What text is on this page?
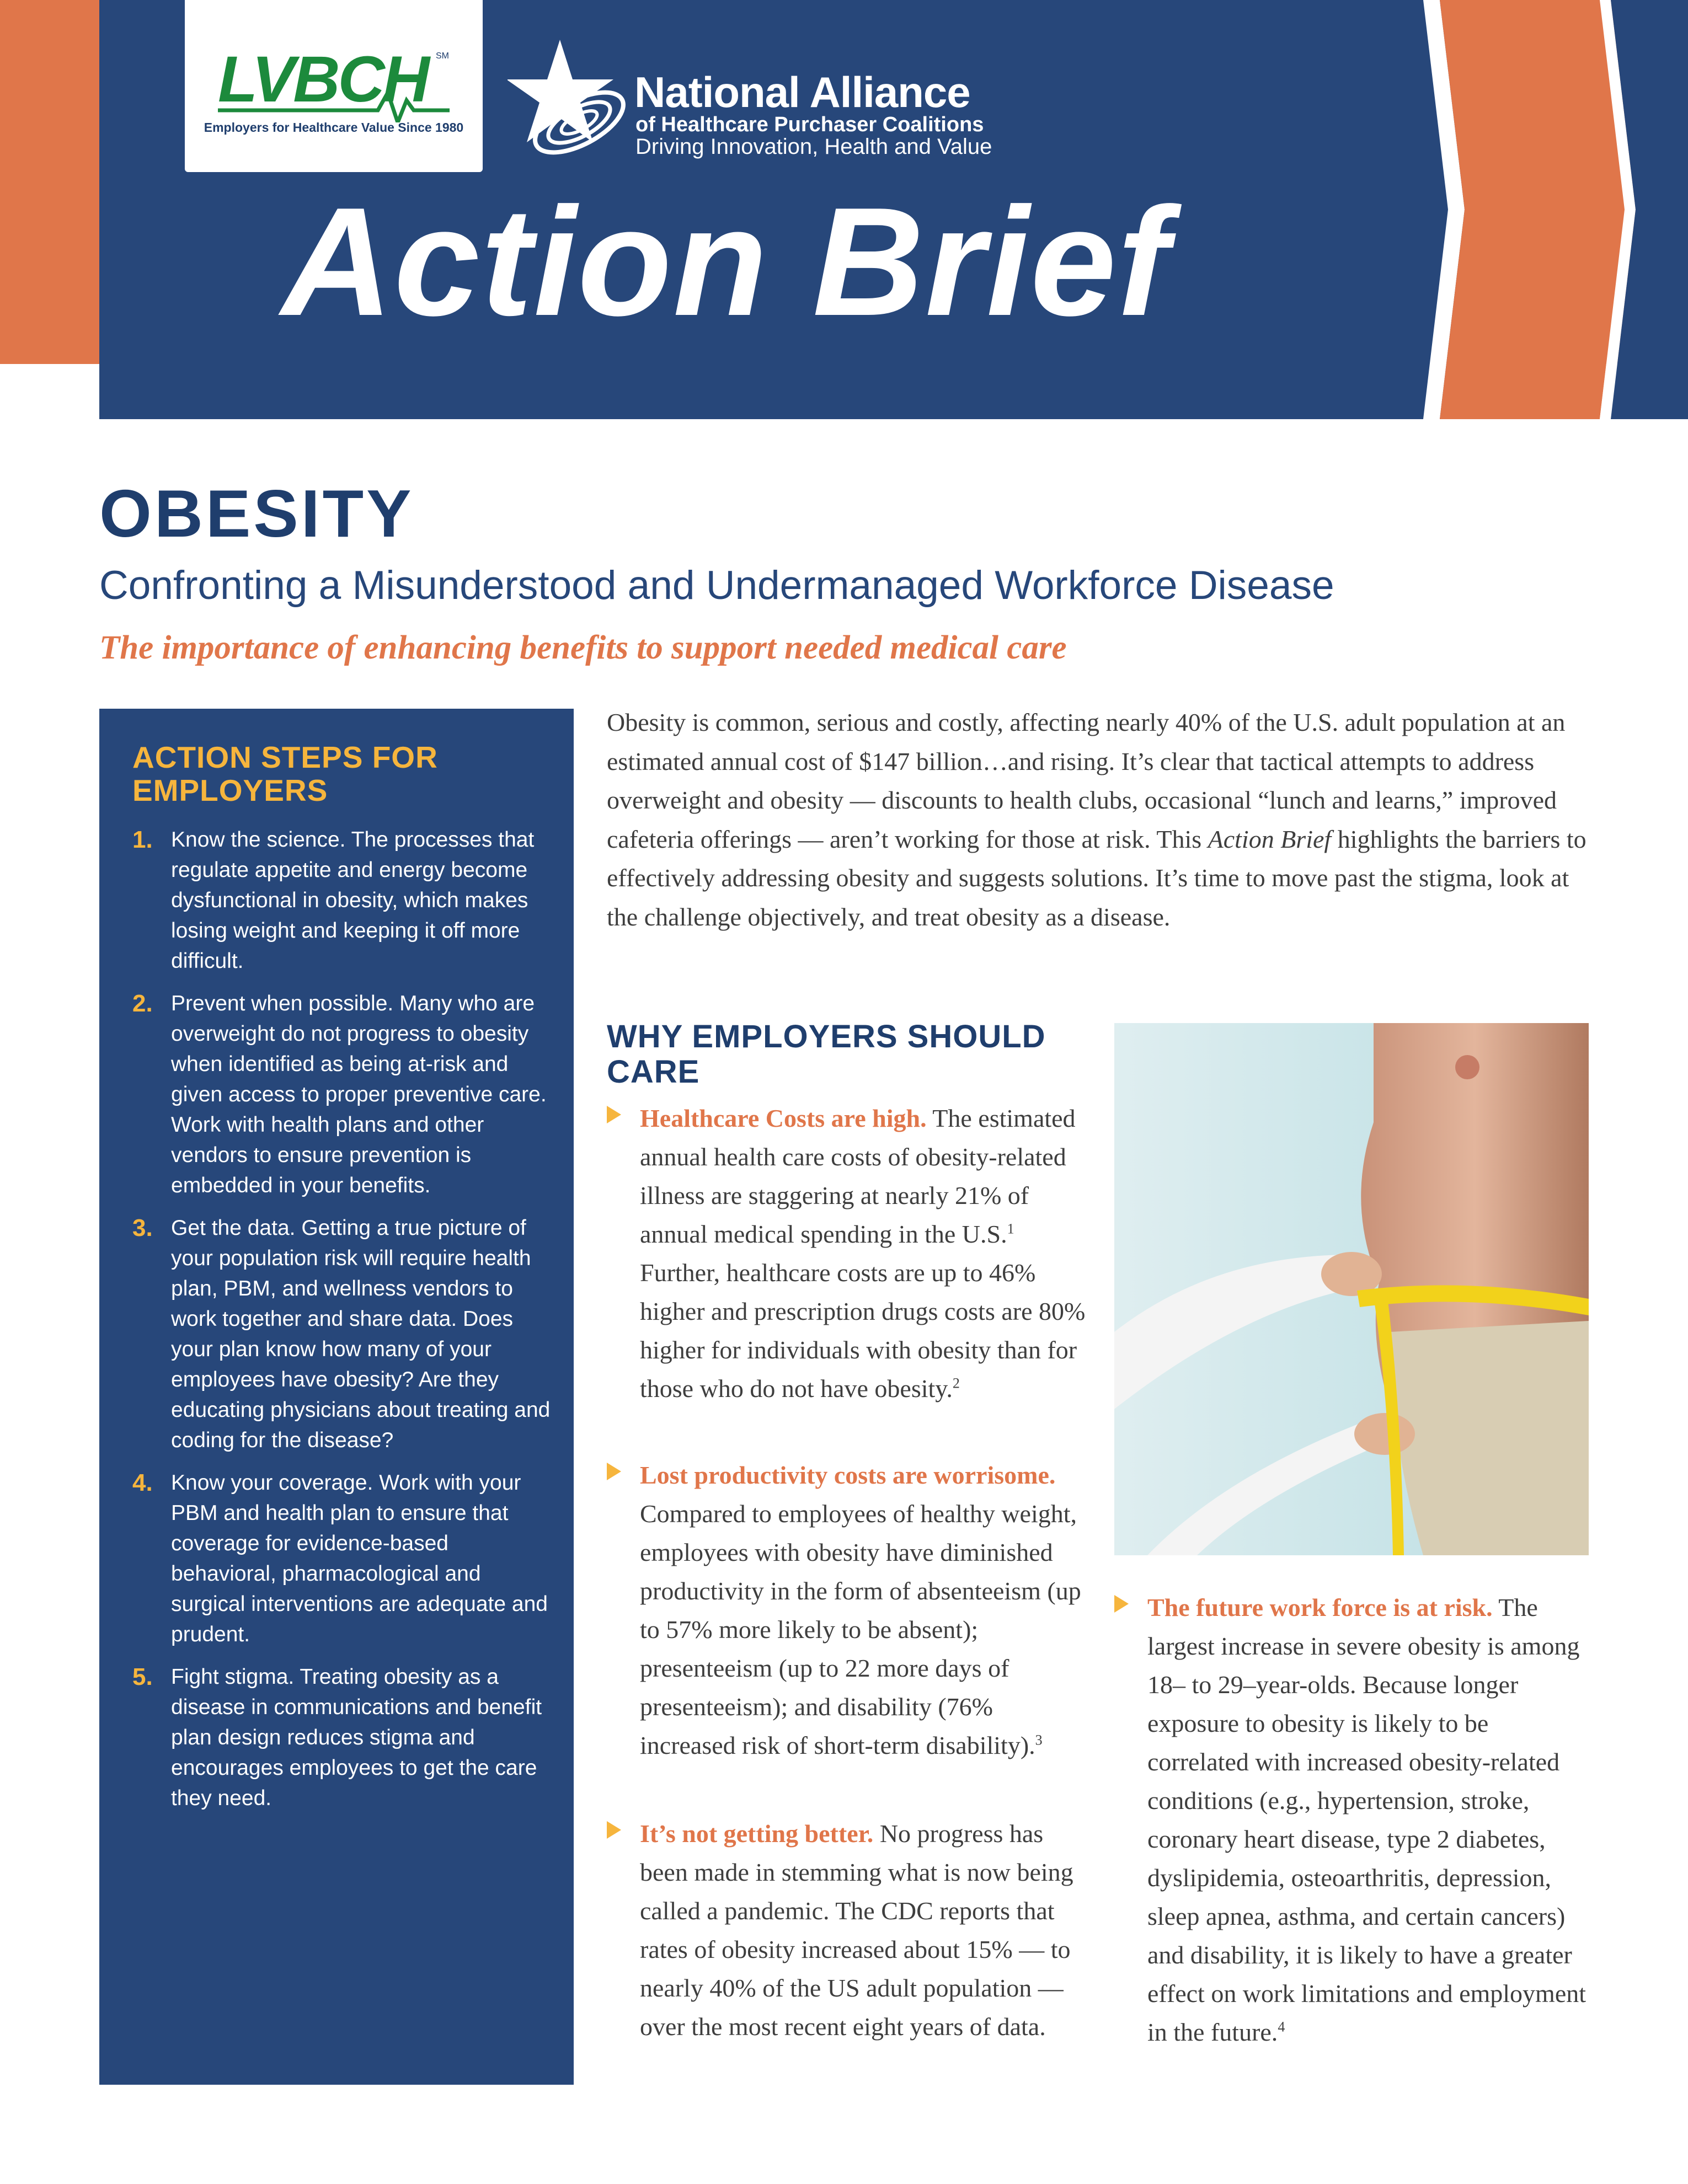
LVBCH SM
Employers for Healthcare Value Since 1980
National Alliance
of Healthcare Purchaser Coalitions
Driving Innovation, Health and Value
Action Brief
OBESITY
Confronting a Misunderstood and Undermanaged Workforce Disease
The importance of enhancing benefits to support needed medical care
ACTION STEPS FOR EMPLOYERS
1. Know the science. The processes that regulate appetite and energy become dysfunctional in obesity, which makes losing weight and keeping it off more difficult.
2. Prevent when possible. Many who are overweight do not progress to obesity when identified as being at-risk and given access to proper preventive care. Work with health plans and other vendors to ensure prevention is embedded in your benefits.
3. Get the data. Getting a true picture of your population risk will require health plan, PBM, and wellness vendors to work together and share data. Does your plan know how many of your employees have obesity? Are they educating physicians about treating and coding for the disease?
4. Know your coverage. Work with your PBM and health plan to ensure that coverage for evidence-based behavioral, pharmacological and surgical interventions are adequate and prudent.
5. Fight stigma. Treating obesity as a disease in communications and benefit plan design reduces stigma and encourages employees to get the care they need.

Obesity is common, serious and costly, affecting nearly 40% of the U.S. adult population at an estimated annual cost of $147 billion…and rising. It’s clear that tactical attempts to address overweight and obesity — discounts to health clubs, occasional “lunch and learns,” improved cafeteria offerings — aren’t working for those at risk. This Action Brief highlights the barriers to effectively addressing obesity and suggests solutions. It’s time to move past the stigma, look at the challenge objectively, and treat obesity as a disease.

WHY EMPLOYERS SHOULD CARE
Healthcare Costs are high. The estimated annual health care costs of obesity-related illness are staggering at nearly 21% of annual medical spending in the U.S.$^1$ Further, healthcare costs are up to 46% higher and prescription drugs costs are 80% higher for individuals with obesity than for those who do not have obesity.$^2$
Lost productivity costs are worrisome. Compared to employees of healthy weight, employees with obesity have diminished productivity in the form of absenteeism (up to 57% more likely to be absent); presenteeism (up to 22 more days of presenteeism); and disability (76% increased risk of short-term disability).$^3$
It’s not getting better. No progress has been made in stemming what is now being called a pandemic. The CDC reports that rates of obesity increased about 15% — to nearly 40% of the US adult population — over the most recent eight years of data.
The future work force is at risk. The largest increase in severe obesity is among 18– to 29–year-olds. Because longer exposure to obesity is likely to be correlated with increased obesity-related conditions (e.g., hypertension, stroke, coronary heart disease, type 2 diabetes, dyslipidemia, osteoarthritis, depression, sleep apnea, asthma, and certain cancers) and disability, it is likely to have a greater effect on work limitations and employment in the future.$^4$
